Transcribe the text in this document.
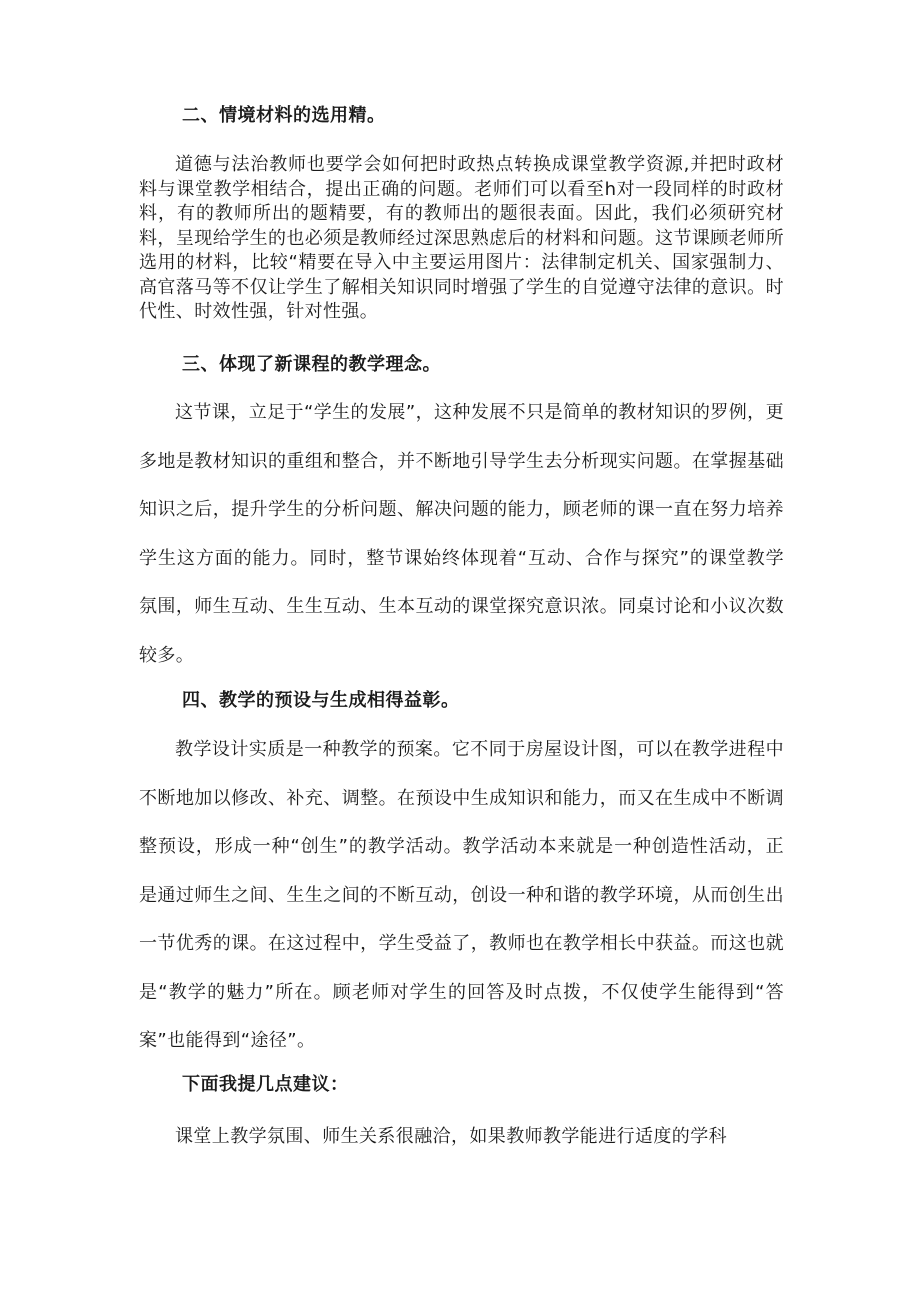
二、情境材料的选用精。
道德与法治教师也要学会如何把时政热点转换成课堂教学资源,并把时政材料与课堂教学相结合，提出正确的问题。老师们可以看至h对一段同样的时政材料，有的教师所出的题精要，有的教师出的题很表面。因此，我们必须研究材料，呈现给学生的也必须是教师经过深思熟虑后的材料和问题。这节课顾老师所选用的材料，比较“精要在导入中主要运用图片：法律制定机关、国家强制力、高官落马等不仅让学生了解相关知识同时增强了学生的自觉遵守法律的意识。时代性、时效性强，针对性强。
三、体现了新课程的教学理念。
这节课，立足于“学生的发展”，这种发展不只是简单的教材知识的罗例，更多地是教材知识的重组和整合，并不断地引导学生去分析现实问题。在掌握基础知识之后，提升学生的分析问题、解决问题的能力，顾老师的课一直在努力培养学生这方面的能力。同时，整节课始终体现着“互动、合作与探究”的课堂教学氛围，师生互动、生生互动、生本互动的课堂探究意识浓。同桌讨论和小议次数较多。
四、教学的预设与生成相得益彰。
教学设计实质是一种教学的预案。它不同于房屋设计图，可以在教学进程中不断地加以修改、补充、调整。在预设中生成知识和能力，而又在生成中不断调整预设，形成一种“创生”的教学活动。教学活动本来就是一种创造性活动，正是通过师生之间、生生之间的不断互动，创设一种和谐的教学环境，从而创生出一节优秀的课。在这过程中，学生受益了，教师也在教学相长中获益。而这也就是“教学的魅力”所在。顾老师对学生的回答及时点拨，不仅使学生能得到“答案”也能得到“途径”。
下面我提几点建议：
课堂上教学氛围、师生关系很融洽，如果教师教学能进行适度的学科
